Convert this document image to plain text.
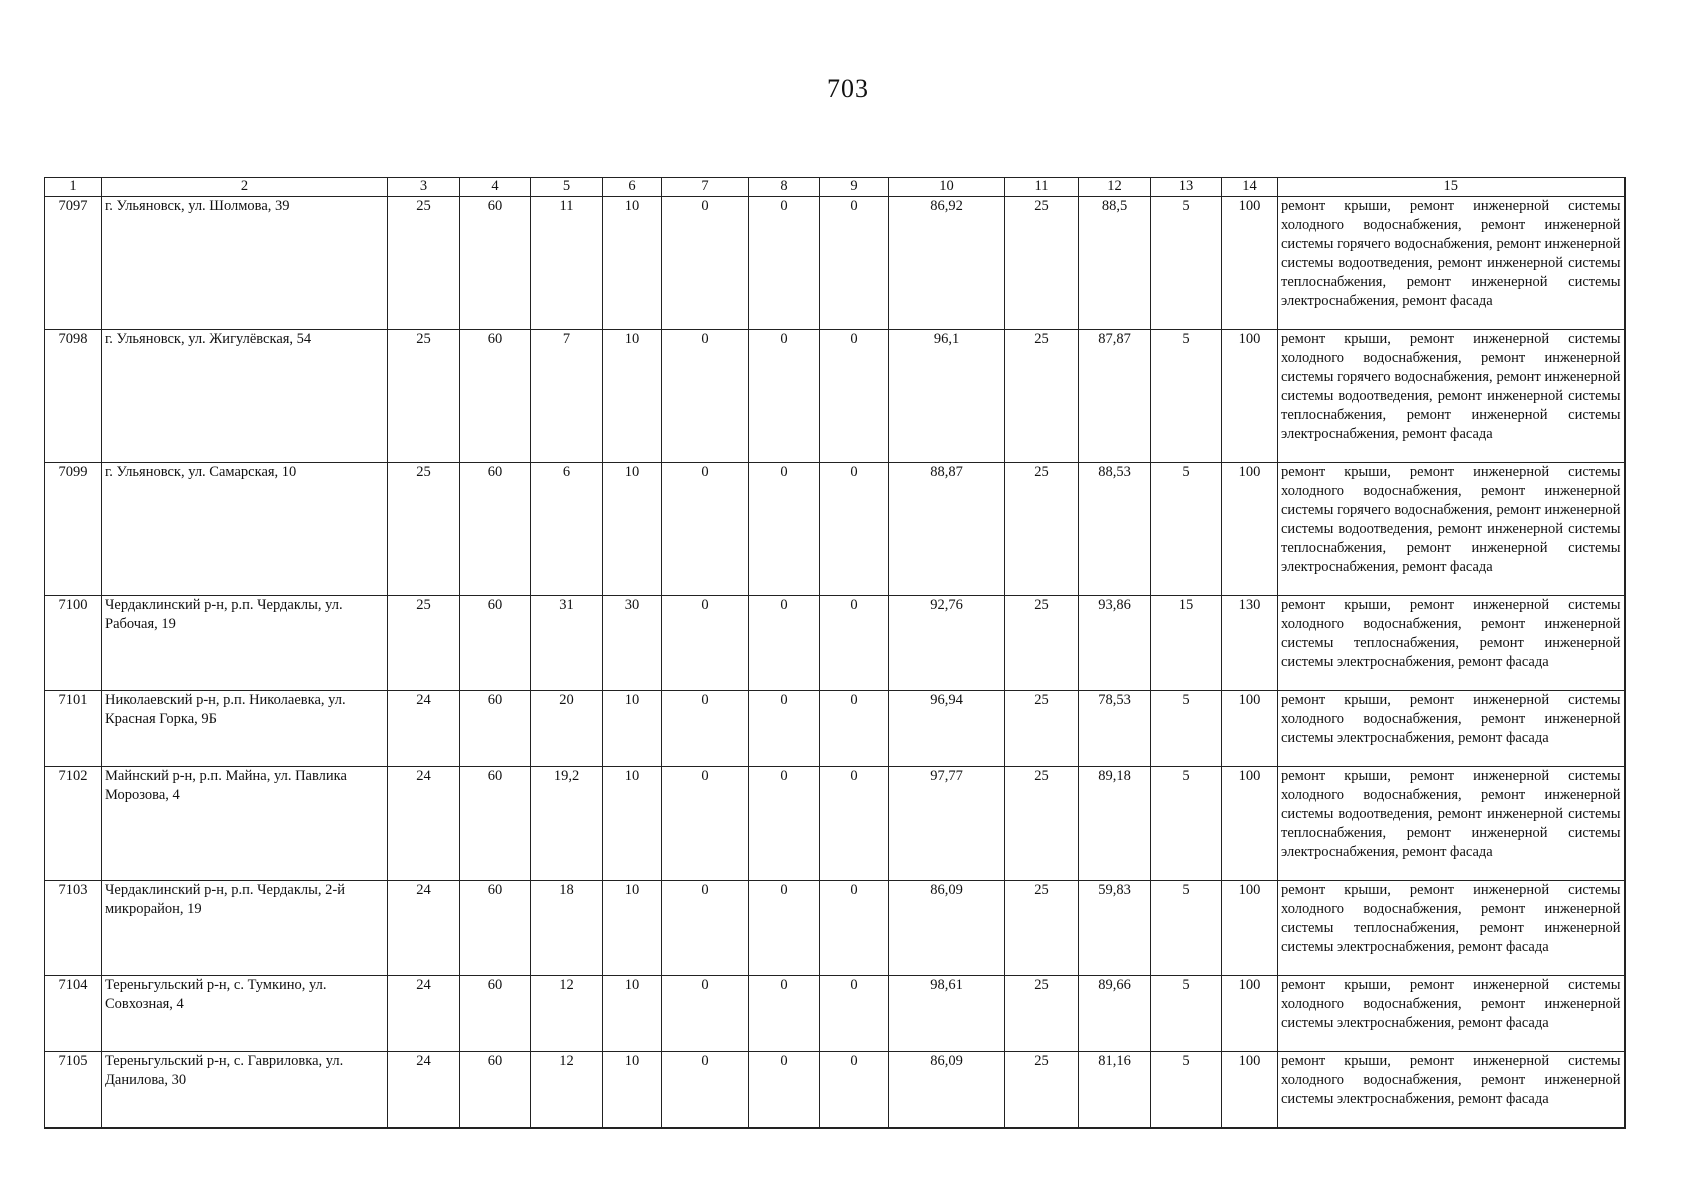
703
1	2	3	4	5	6	7	8	9	10	11	12	13	14	15
7097	г. Ульяновск, ул. Шолмова, 39	25	60	11	10	0	0	0	86,92	25	88,5	5	100	ремонт крыши, ремонт инженерной системы холодного водоснабжения, ремонт инженерной системы горячего водоснабжения, ремонт инженерной системы водоотведения, ремонт инженерной системы теплоснабжения, ремонт инженерной системы электроснабжения, ремонт фасада
7098	г. Ульяновск, ул. Жигулёвская, 54	25	60	7	10	0	0	0	96,1	25	87,87	5	100	ремонт крыши, ремонт инженерной системы холодного водоснабжения, ремонт инженерной системы горячего водоснабжения, ремонт инженерной системы водоотведения, ремонт инженерной системы теплоснабжения, ремонт инженерной системы электроснабжения, ремонт фасада
7099	г. Ульяновск, ул. Самарская, 10	25	60	6	10	0	0	0	88,87	25	88,53	5	100	ремонт крыши, ремонт инженерной системы холодного водоснабжения, ремонт инженерной системы горячего водоснабжения, ремонт инженерной системы водоотведения, ремонт инженерной системы теплоснабжения, ремонт инженерной системы электроснабжения, ремонт фасада
7100	Чердаклинский р-н, р.п. Чердаклы, ул. Рабочая, 19	25	60	31	30	0	0	0	92,76	25	93,86	15	130	ремонт крыши, ремонт инженерной системы холодного водоснабжения, ремонт инженерной системы теплоснабжения, ремонт инженерной системы электроснабжения, ремонт фасада
7101	Николаевский р-н, р.п. Николаевка, ул. Красная Горка, 9Б	24	60	20	10	0	0	0	96,94	25	78,53	5	100	ремонт крыши, ремонт инженерной системы холодного водоснабжения, ремонт инженерной системы электроснабжения, ремонт фасада
7102	Майнский р-н, р.п. Майна, ул. Павлика Морозова, 4	24	60	19,2	10	0	0	0	97,77	25	89,18	5	100	ремонт крыши, ремонт инженерной системы холодного водоснабжения, ремонт инженерной системы водоотведения, ремонт инженерной системы теплоснабжения, ремонт инженерной системы электроснабжения, ремонт фасада
7103	Чердаклинский р-н, р.п. Чердаклы, 2-й микрорайон, 19	24	60	18	10	0	0	0	86,09	25	59,83	5	100	ремонт крыши, ремонт инженерной системы холодного водоснабжения, ремонт инженерной системы теплоснабжения, ремонт инженерной системы электроснабжения, ремонт фасада
7104	Тереньгульский р-н, с. Тумкино, ул. Совхозная, 4	24	60	12	10	0	0	0	98,61	25	89,66	5	100	ремонт крыши, ремонт инженерной системы холодного водоснабжения, ремонт инженерной системы электроснабжения, ремонт фасада
7105	Тереньгульский р-н, с. Гавриловка, ул. Данилова, 30	24	60	12	10	0	0	0	86,09	25	81,16	5	100	ремонт крыши, ремонт инженерной системы холодного водоснабжения, ремонт инженерной системы электроснабжения, ремонт фасада
